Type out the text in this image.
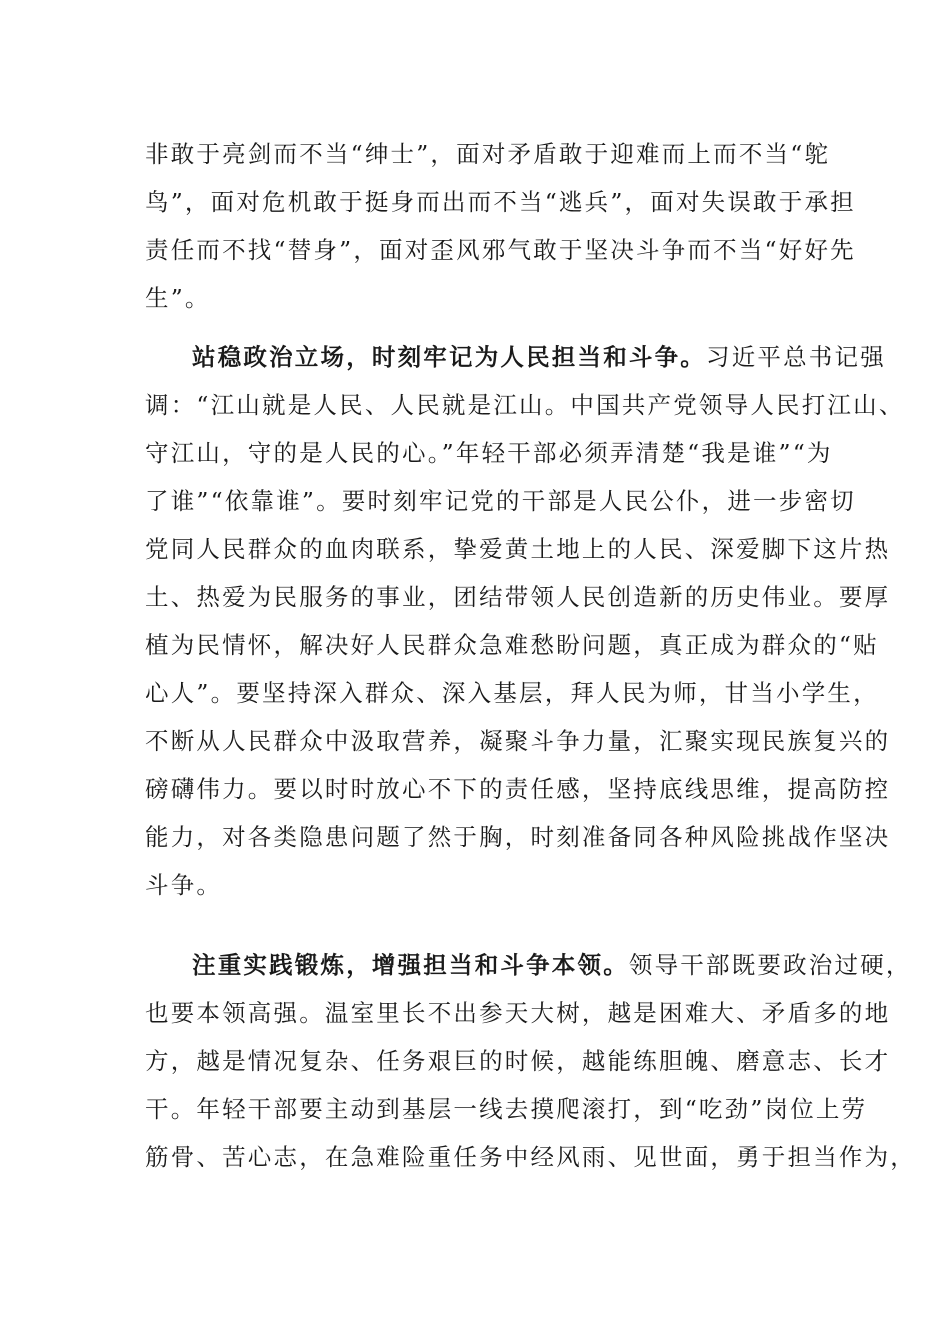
非敢于亮剑而不当“绅士”，面对矛盾敢于迎难而上而不当“鸵
鸟”，面对危机敢于挺身而出而不当“逃兵”，面对失误敢于承担
责任而不找“替身”，面对歪风邪气敢于坚决斗争而不当“好好先
生”。
站稳政治立场，时刻牢记为人民担当和斗争。习近平总书记强
调：“江山就是人民、人民就是江山。中国共产党领导人民打江山、
守江山，守的是人民的心。”年轻干部必须弄清楚“我是谁”“为
了谁”“依靠谁”。要时刻牢记党的干部是人民公仆，进一步密切
党同人民群众的血肉联系，挚爱黄土地上的人民、深爱脚下这片热
土、热爱为民服务的事业，团结带领人民创造新的历史伟业。要厚
植为民情怀，解决好人民群众急难愁盼问题，真正成为群众的“贴
心人”。要坚持深入群众、深入基层，拜人民为师，甘当小学生，
不断从人民群众中汲取营养，凝聚斗争力量，汇聚实现民族复兴的
磅礴伟力。要以时时放心不下的责任感，坚持底线思维，提高防控
能力，对各类隐患问题了然于胸，时刻准备同各种风险挑战作坚决
斗争。
注重实践锻炼，增强担当和斗争本领。领导干部既要政治过硬，
也要本领高强。温室里长不出参天大树，越是困难大、矛盾多的地
方，越是情况复杂、任务艰巨的时候，越能练胆魄、磨意志、长才
干。年轻干部要主动到基层一线去摸爬滚打，到“吃劲”岗位上劳
筋骨、苦心志，在急难险重任务中经风雨、见世面，勇于担当作为，
